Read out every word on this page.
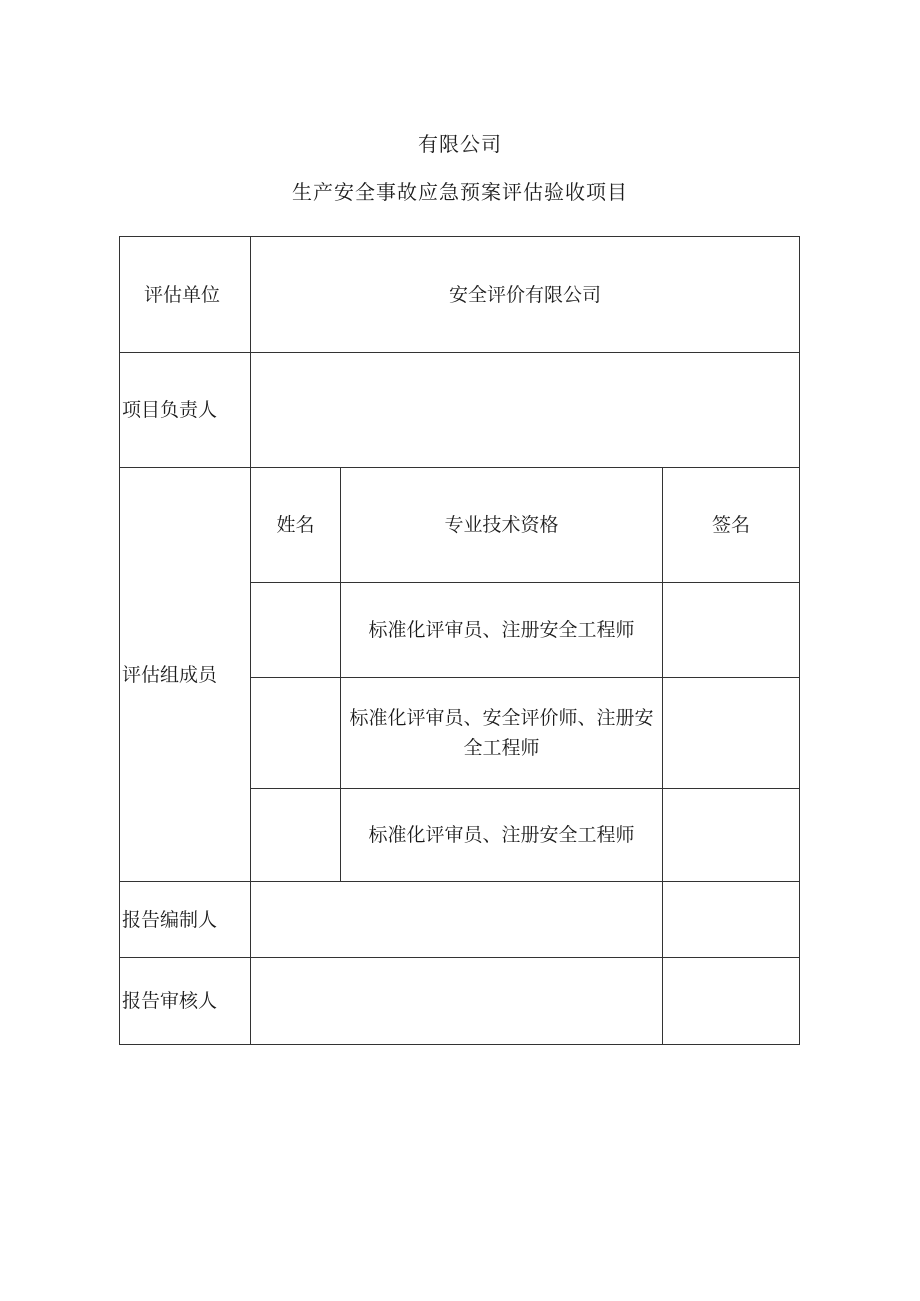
有限公司
生产安全事故应急预案评估验收项目
评估单位	安全评价有限公司		
项目负责人			
评估组成员	姓名	专业技术资格	签名

		标准化评审员、注册安全工程师	

		标准化评审员、安全评价师、注册安全工程师	

		标准化评审员、注册安全工程师	

报告编制人			
报告审核人			
